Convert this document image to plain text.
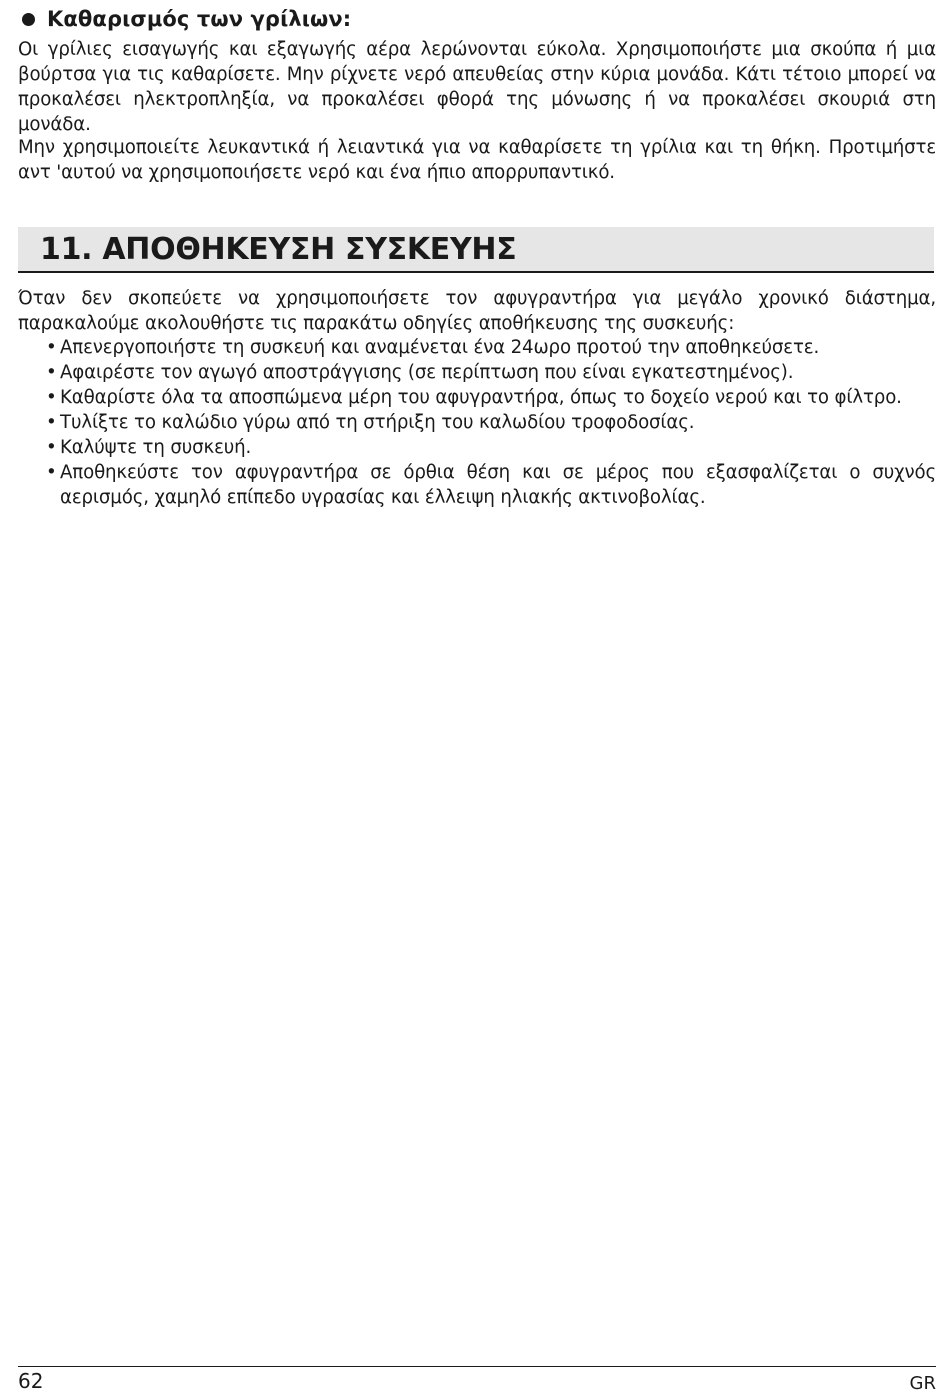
Καθαρισμός των γρίλιων:

Οι γρίλιες εισαγωγής και εξαγωγής αέρα λερώνονται εύκολα. Χρησιμοποιήστε μια σκούπα ή μια βούρτσα για τις καθαρίσετε. Μην ρίχνετε νερό απευθείας στην κύρια μονάδα. Κάτι τέτοιο μπορεί να προκαλέσει ηλεκτροπληξία, να προκαλέσει φθορά της μόνωσης ή να προκαλέσει σκουριά στη μονάδα.

Μην χρησιμοποιείτε λευκαντικά ή λειαντικά για να καθαρίσετε τη γρίλια και τη θήκη. Προτιμήστε αντ 'αυτού να χρησιμοποιήσετε νερό και ένα ήπιο απορρυπαντικό.

11. ΑΠΟΘΗΚΕΥΣΗ ΣΥΣΚΕΥΗΣ

Όταν δεν σκοπεύετε να χρησιμοποιήσετε τον αφυγραντήρα για μεγάλο χρονικό διάστημα, παρακαλούμε ακολουθήστε τις παρακάτω οδηγίες αποθήκευσης της συσκευής:

• Απενεργοποιήστε τη συσκευή και αναμένεται ένα 24ωρο προτού την αποθηκεύσετε.
• Αφαιρέστε τον αγωγό αποστράγγισης (σε περίπτωση που είναι εγκατεστημένος).
• Καθαρίστε όλα τα αποσπώμενα μέρη του αφυγραντήρα, όπως το δοχείο νερού και το φίλτρο.
• Τυλίξτε το καλώδιο γύρω από τη στήριξη του καλωδίου τροφοδοσίας.
• Καλύψτε τη συσκευή.
• Αποθηκεύστε τον αφυγραντήρα σε όρθια θέση και σε μέρος που εξασφαλίζεται ο συχνός αερισμός, χαμηλό επίπεδο υγρασίας και έλλειψη ηλιακής ακτινοβολίας.
62	GR
